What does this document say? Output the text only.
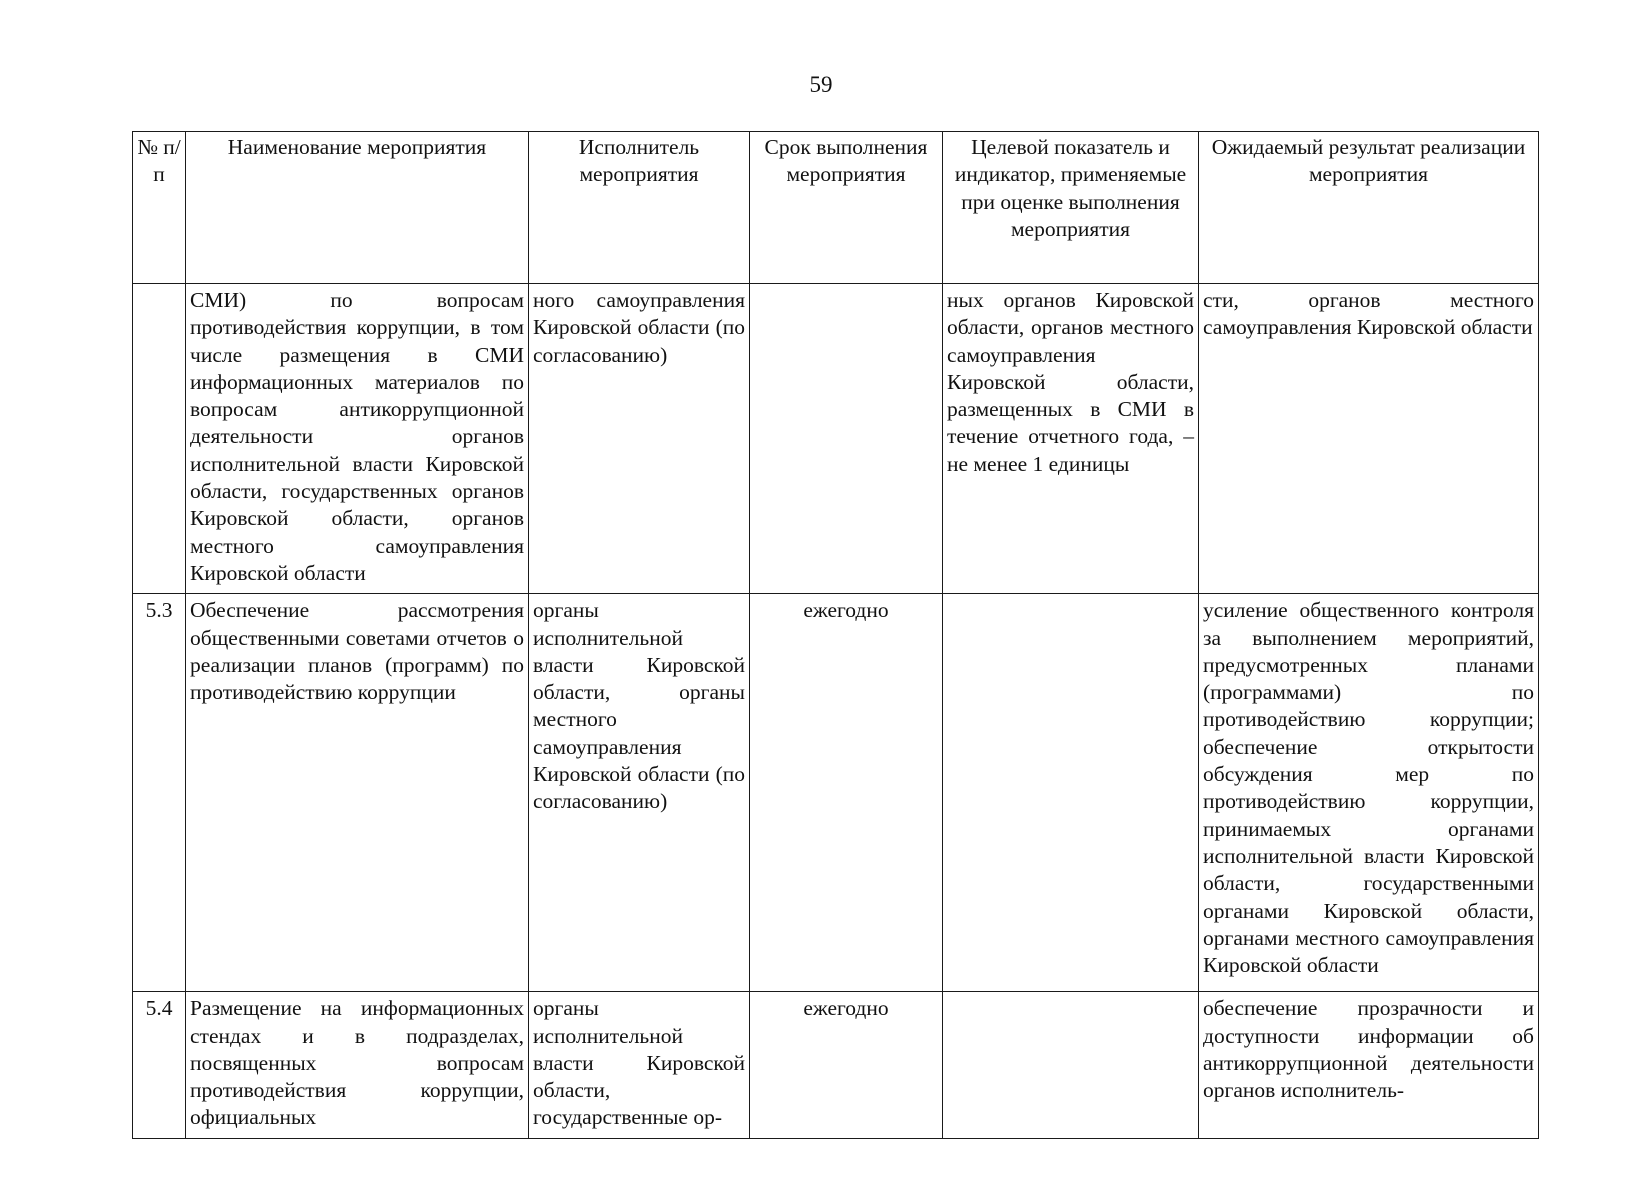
59
№ п/п	Наименование мероприятия	Исполнитель мероприятия	Срок выполнения мероприятия	Целевой показатель и индикатор, применяемые при оценке выполнения мероприятия	Ожидаемый результат реализации мероприятия
	СМИ) по вопросам противодействия коррупции, в том числе размещения в СМИ информационных материалов по вопросам антикоррупционной деятельности органов исполнительной власти Кировской области, государственных органов Кировской области, органов местного самоуправления Кировской области	ного самоуправления Кировской области (по согласованию)		ных органов Кировской области, органов местного самоуправления Кировской области, размещенных в СМИ в течение отчетного года, – не менее 1 единицы	сти, органов местного самоуправления Кировской области
5.3	Обеспечение рассмотрения общественными советами отчетов о реализации планов (программ) по противодействию коррупции	органы исполнительной власти Кировской области, органы местного самоуправления Кировской области (по согласованию)	ежегодно		усиление общественного контроля за выполнением мероприятий, предусмотренных планами (программами) по противодействию коррупции; обеспечение открытости обсуждения мер по противодействию коррупции, принимаемых органами исполнительной власти Кировской области, государственными органами Кировской области, органами местного самоуправления Кировской области
5.4	Размещение на информационных стендах и в подразделах, посвященных вопросам противодействия коррупции, официальных	органы исполнительной власти Кировской области, государственные ор-	ежегодно		обеспечение прозрачности и доступности информации об антикоррупционной деятельности органов исполнитель-
